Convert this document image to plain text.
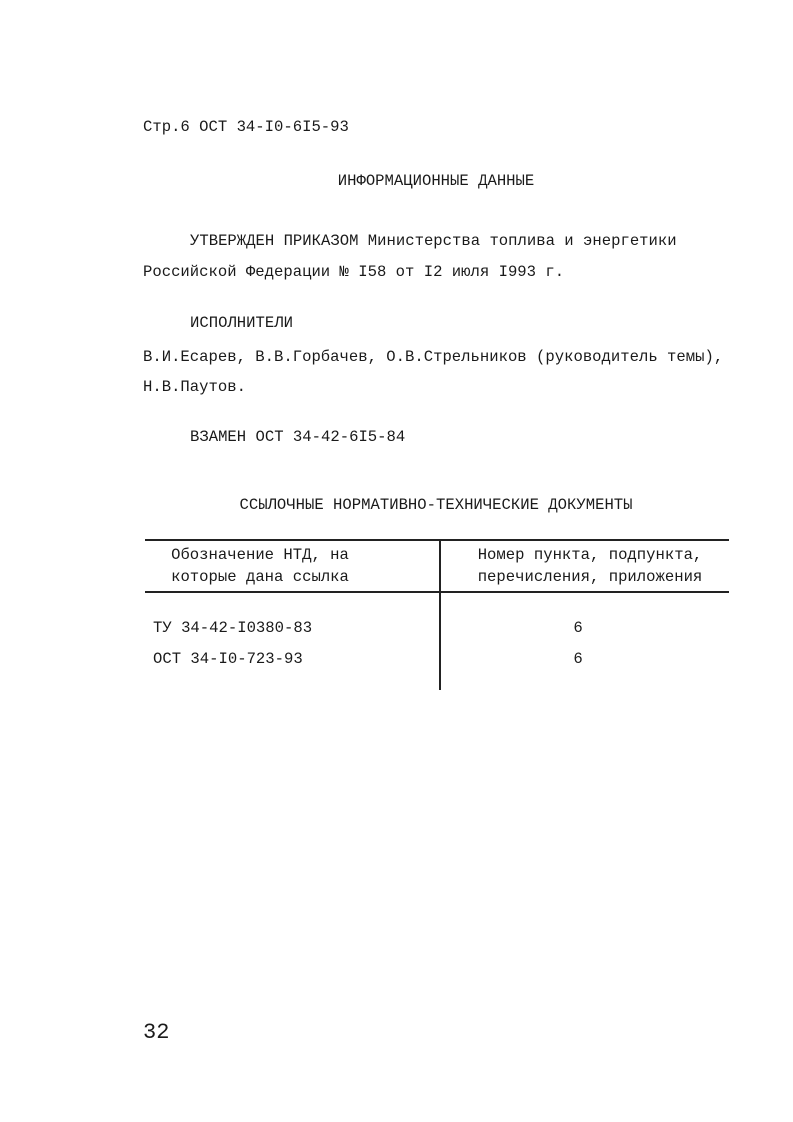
Стр.6 ОСТ 34-I0-6I5-93
ИНФОРМАЦИОННЫЕ ДАННЫЕ
УТВЕРЖДЕН ПРИКАЗОМ Министерства топлива и энергетики
Российской Федерации № I58 от I2 июля I993 г.
ИСПОЛНИТЕЛИ
В.И.Есарев, В.В.Горбачев, О.В.Стрельников (руководитель темы),
Н.В.Паутов.
ВЗАМЕН ОСТ 34-42-6I5-84
ССЫЛОЧНЫЕ НОРМАТИВНО-ТЕХНИЧЕСКИЕ ДОКУМЕНТЫ
Обозначение НТД, на
которые дана ссылка
Номер пункта, подпункта,
перечисления, приложения
ТУ 34-42-I0380-83	6
ОСТ 34-I0-723-93	6
32
